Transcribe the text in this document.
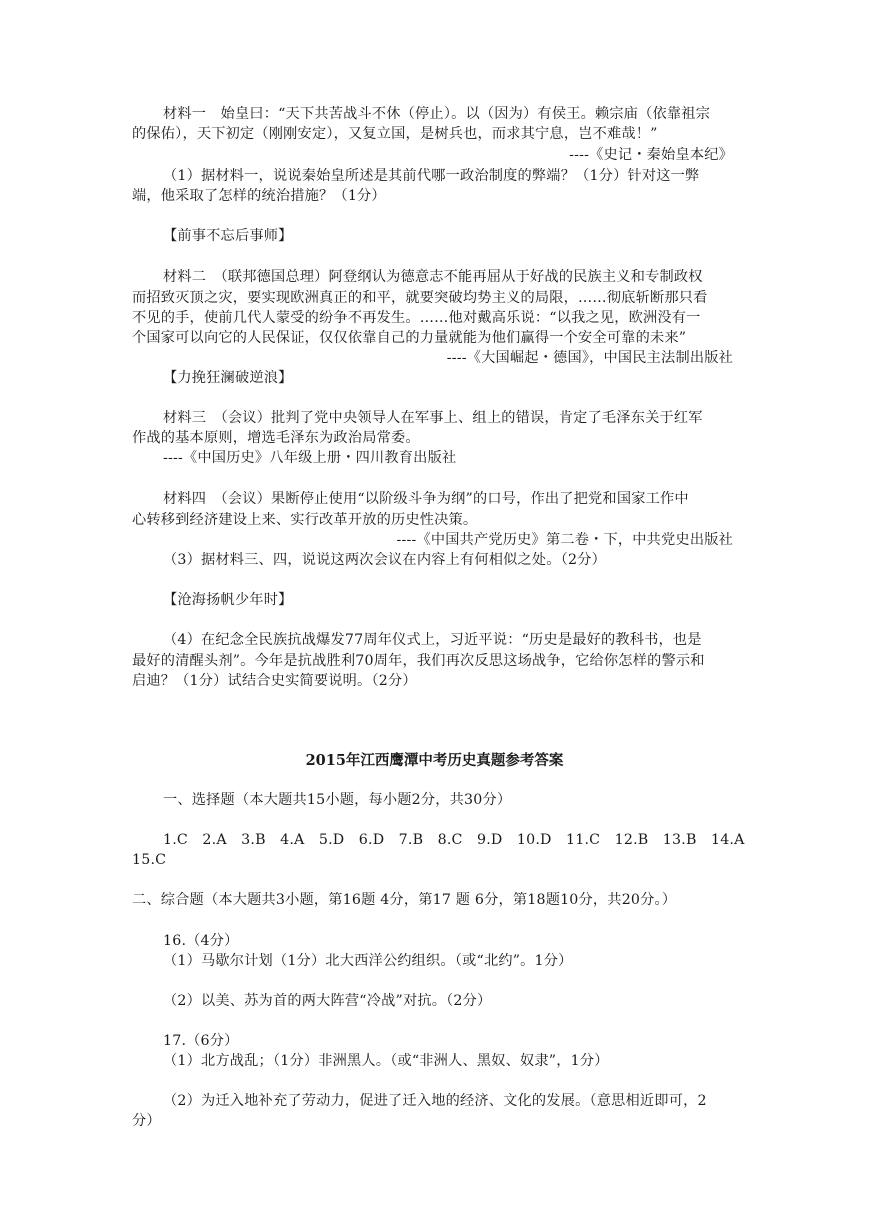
材料一　始皇曰：“天下共苦战斗不休（停止）。以（因为）有侯王。赖宗庙（依靠祖宗
的保佑），天下初定（刚刚安定），又复立国，是树兵也，而求其宁息，岂不难哉！”
----《史记・秦始皇本纪》
（1）据材料一，说说秦始皇所述是其前代哪一政治制度的弊端？（1分）针对这一弊
端，他采取了怎样的统治措施？（1分）
【前事不忘后事师】
材料二　（联邦德国总理）阿登纲认为德意志不能再屈从于好战的民族主义和专制政权
而招致灭顶之灾，要实现欧洲真正的和平，就要突破均势主义的局限，……彻底斩断那只看
不见的手，使前几代人蒙受的纷争不再发生。……他对戴高乐说：“以我之见，欧洲没有一
个国家可以向它的人民保证，仅仅依靠自己的力量就能为他们赢得一个安全可靠的未来”
----《大国崛起・德国》，中国民主法制出版社
【力挽狂澜破逆浪】
材料三　（会议）批判了党中央领导人在军事上、组上的错误，肯定了毛泽东关于红军
作战的基本原则，增选毛泽东为政治局常委。
----《中国历史》八年级上册・四川教育出版社
材料四　（会议）果断停止使用“以阶级斗争为纲”的口号，作出了把党和国家工作中
心转移到经济建设上来、实行改革开放的历史性决策。
----《中国共产党历史》第二卷・下，中共党史出版社
（3）据材料三、四，说说这两次会议在内容上有何相似之处。（2分）
【沧海扬帆少年时】
（4）在纪念全民族抗战爆发77周年仪式上，习近平说：“历史是最好的教科书，也是
最好的清醒头剂”。今年是抗战胜利70周年，我们再次反思这场战争，它给你怎样的警示和
启迪？（1分）试结合史实简要说明。（2分）
2015年江西鹰潭中考历史真题参考答案
一、选择题（本大题共15小题，每小题2分，共30分）
1.C　2.A　3.B　4.A　5.D　6.D　7.B　8.C　9.D　10.D　11.C　12.B　13.B　14.A
15.C
二、综合题（本大题共3小题，第16题 4分，第17 题 6分，第18题10分，共20分。）
16.（4分）
（1）马歇尔计划（1分）北大西洋公约组织。（或“北约”。1分）
（2）以美、苏为首的两大阵营“冷战”对抗。（2分）
17.（6分）
（1）北方战乱；（1分）非洲黑人。（或“非洲人、黑奴、奴隶”，1分）
（2）为迁入地补充了劳动力，促进了迁入地的经济、文化的发展。（意思相近即可，2
分）
